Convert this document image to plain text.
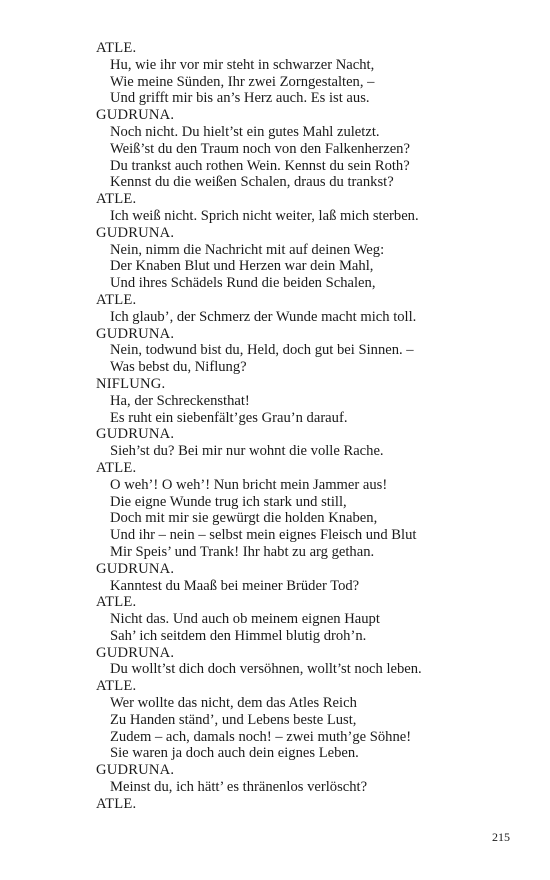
ATLE.
Hu, wie ihr vor mir steht in schwarzer Nacht,
Wie meine Sünden, Ihr zwei Zorngestalten, –
Und grifft mir bis an’s Herz auch. Es ist aus.
GUDRUNA.
Noch nicht. Du hielt’st ein gutes Mahl zuletzt.
Weiß’st du den Traum noch von den Falkenherzen?
Du trankst auch rothen Wein. Kennst du sein Roth?
Kennst du die weißen Schalen, draus du trankst?
ATLE.
Ich weiß nicht. Sprich nicht weiter, laß mich sterben.
GUDRUNA.
Nein, nimm die Nachricht mit auf deinen Weg:
Der Knaben Blut und Herzen war dein Mahl,
Und ihres Schädels Rund die beiden Schalen,
ATLE.
Ich glaub’, der Schmerz der Wunde macht mich toll.
GUDRUNA.
Nein, todwund bist du, Held, doch gut bei Sinnen. –
Was bebst du, Niflung?
NIFLUNG.
Ha, der Schreckensthat!
Es ruht ein siebenfält’ges Grau’n darauf.
GUDRUNA.
Sieh’st du? Bei mir nur wohnt die volle Rache.
ATLE.
O weh’! O weh’! Nun bricht mein Jammer aus!
Die eigne Wunde trug ich stark und still,
Doch mit mir sie gewürgt die holden Knaben,
Und ihr – nein – selbst mein eignes Fleisch und Blut
Mir Speis’ und Trank! Ihr habt zu arg gethan.
GUDRUNA.
Kanntest du Maaß bei meiner Brüder Tod?
ATLE.
Nicht das. Und auch ob meinem eignen Haupt
Sah’ ich seitdem den Himmel blutig droh’n.
GUDRUNA.
Du wollt’st dich doch versöhnen, wollt’st noch leben.
ATLE.
Wer wollte das nicht, dem das Atles Reich
Zu Handen ständ’, und Lebens beste Lust,
Zudem – ach, damals noch! – zwei muth’ge Söhne!
Sie waren ja doch auch dein eignes Leben.
GUDRUNA.
Meinst du, ich hätt’ es thränenlos verlöscht?
ATLE.
215
